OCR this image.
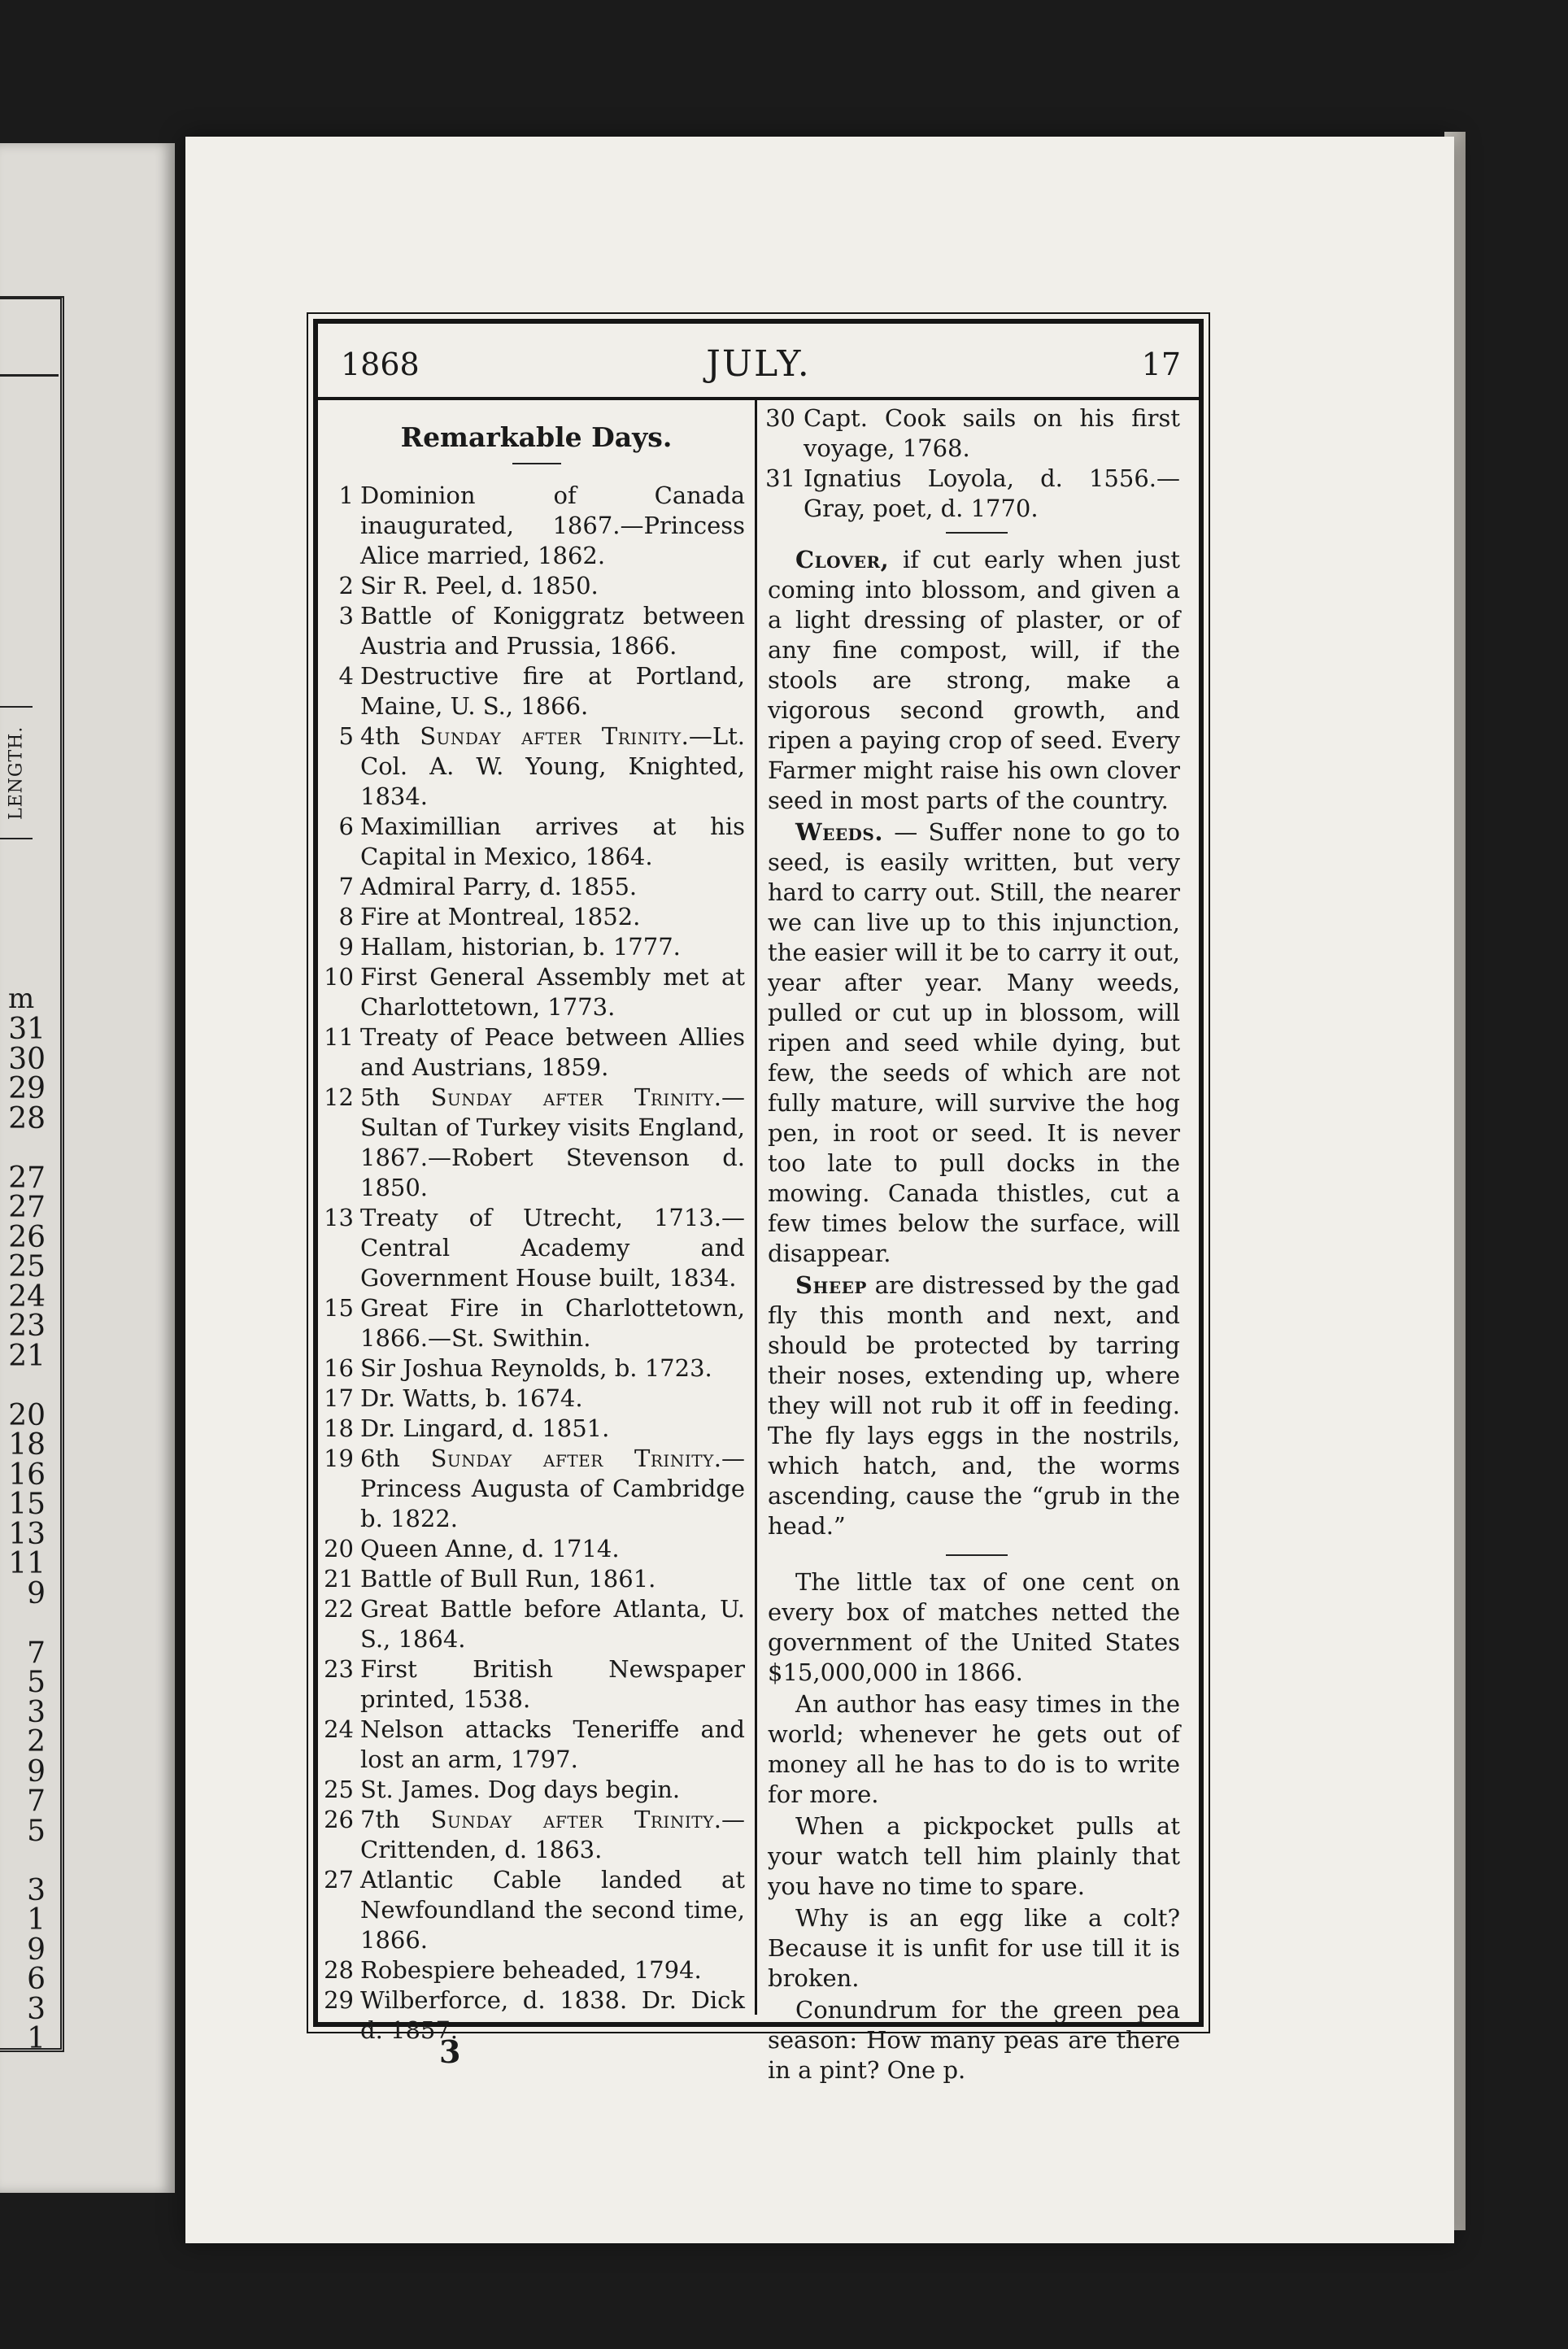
LENGTH.
m
31
30
29
28
27
27
26
25
24
23
21
20
18
16
15
13
11
9
7
5
3
2
9
7
5
3
1
9
6
3
1
1868	JULY.	17
Remarkable Days.
1 Dominion of Canada inaugurated, 1867.—Princess Alice married, 1862.
2 Sir R. Peel, d. 1850.
3 Battle of Koniggratz between Austria and Prussia, 1866.
4 Destructive fire at Portland, Maine, U. S., 1866.
5 4th Sunday after Trinity.—Lt. Col. A. W. Young, Knighted, 1834.
6 Maximillian arrives at his Capital in Mexico, 1864.
7 Admiral Parry, d. 1855.
8 Fire at Montreal, 1852.
9 Hallam, historian, b. 1777.
10 First General Assembly met at Charlottetown, 1773.
11 Treaty of Peace between Allies and Austrians, 1859.
12 5th Sunday after Trinity.—Sultan of Turkey visits England, 1867.—Robert Stevenson d. 1850.
13 Treaty of Utrecht, 1713.—Central Academy and Government House built, 1834.
15 Great Fire in Charlottetown, 1866.—St. Swithin.
16 Sir Joshua Reynolds, b. 1723.
17 Dr. Watts, b. 1674.
18 Dr. Lingard, d. 1851.
19 6th Sunday after Trinity.—Princess Augusta of Cambridge b. 1822.
20 Queen Anne, d. 1714.
21 Battle of Bull Run, 1861.
22 Great Battle before Atlanta, U. S., 1864.
23 First British Newspaper printed, 1538.
24 Nelson attacks Teneriffe and lost an arm, 1797.
25 St. James. Dog days begin.
26 7th Sunday after Trinity.—Crittenden, d. 1863.
27 Atlantic Cable landed at Newfoundland the second time, 1866.
28 Robespiere beheaded, 1794.
29 Wilberforce, d. 1838. Dr. Dick d. 1857.
30 Capt. Cook sails on his first voyage, 1768.
31 Ignatius Loyola, d. 1556.—Gray, poet, d. 1770.

Clover, if cut early when just coming into blossom, and given a a light dressing of plaster, or of any fine compost, will, if the stools are strong, make a vigorous second growth, and ripen a paying crop of seed. Every Farmer might raise his own clover seed in most parts of the country.

Weeds. — Suffer none to go to seed, is easily written, but very hard to carry out. Still, the nearer we can live up to this injunction, the easier will it be to carry it out, year after year. Many weeds, pulled or cut up in blossom, will ripen and seed while dying, but few, the seeds of which are not fully mature, will survive the hog pen, in root or seed. It is never too late to pull docks in the mowing. Canada thistles, cut a few times below the surface, will disappear.

Sheep are distressed by the gad fly this month and next, and should be protected by tarring their noses, extending up, where they will not rub it off in feeding. The fly lays eggs in the nostrils, which hatch, and, the worms ascending, cause the “grub in the head.”

The little tax of one cent on every box of matches netted the government of the United States $15,000,000 in 1866.

An author has easy times in the world; whenever he gets out of money all he has to do is to write for more.

When a pickpocket pulls at your watch tell him plainly that you have no time to spare.

Why is an egg like a colt? Because it is unfit for use till it is broken.

Conundrum for the green pea season: How many peas are there in a pint? One p.

3
